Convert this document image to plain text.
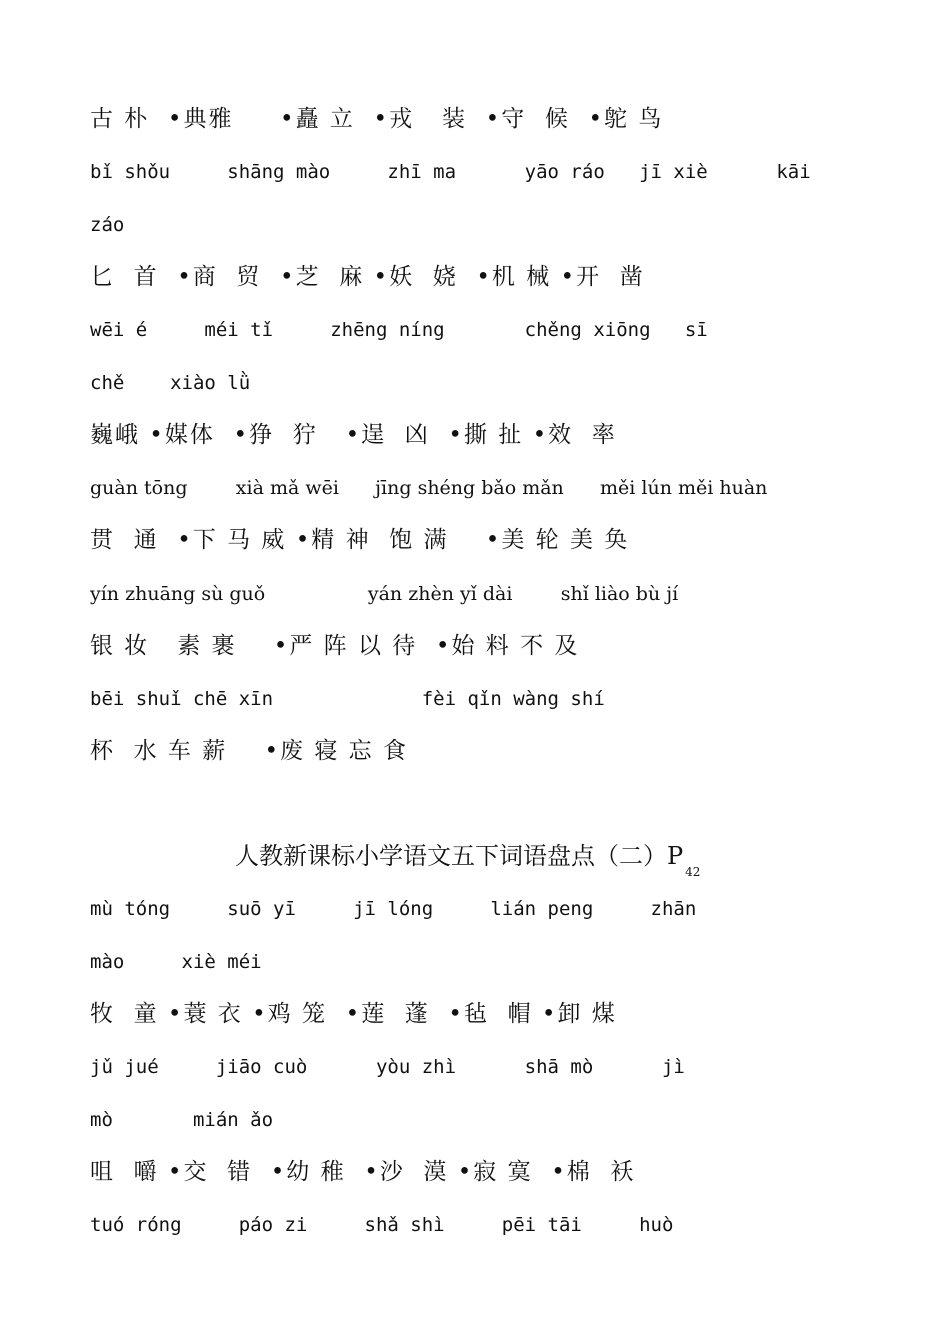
古 朴  •典雅     •矗 立  •戎   装  •守  候  •鸵 鸟
bǐ shǒu     shāng mào     zhī ma      yāo ráo   jī xiè      kāi
záo
匕  首  •商  贸  •芝  麻 •妖  娆  •机 械 •开  凿
wēi é     méi tǐ     zhēng níng       chěng xiōng   sī
chě    xiào lǜ
巍峨 •媒体  •狰  狞   •逞  凶  •撕 扯 •效  率
guàn tōng        xià mǎ wēi      jīng shéng bǎo mǎn      měi lún měi huàn
贯  通  •下 马 威 •精 神  饱 满    •美 轮 美 奂
yín zhuāng sù guǒ                 yán zhèn yǐ dài        shǐ liào bù jí
银 妆   素 裹    •严 阵 以 待  •始 料 不 及
bēi shuǐ chē xīn             fèi qǐn wàng shí
杯  水 车 薪    •废 寝 忘 食
人教新课标小学语文五下词语盘点（二）$P_{42}$
mù tóng     suō yī     jī lóng     lián peng     zhān
mào     xiè méi
牧  童 •蓑 衣 •鸡 笼  •莲  蓬  •毡  帽 •卸 煤
jǔ jué     jiāo cuò      yòu zhì      shā mò      jì
mò       mián ǎo
咀  嚼 •交  错  •幼 稚  •沙  漠 •寂 寞  •棉  袄
tuó róng     páo zi     shǎ shì     pēi tāi     huò
